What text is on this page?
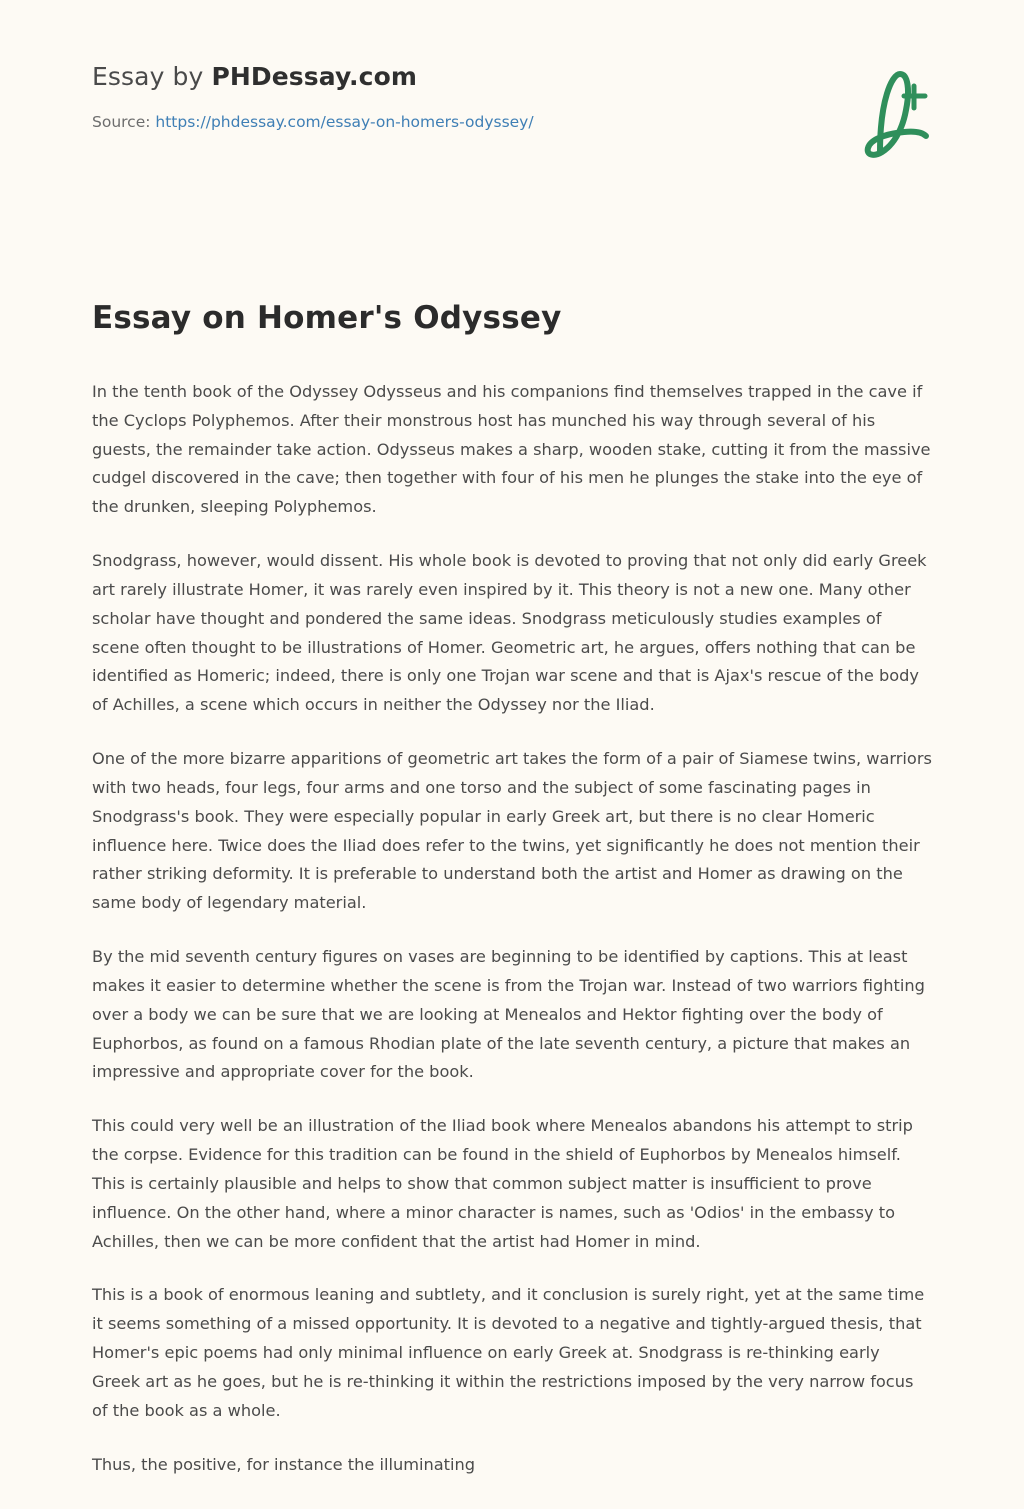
Essay by PHDessay.com
Source: https://phdessay.com/essay-on-homers-odyssey/
Essay on Homer's Odyssey

In the tenth book of the Odyssey Odysseus and his companions find themselves trapped in the cave if the Cyclops Polyphemos. After their monstrous host has munched his way through several of his guests, the remainder take action. Odysseus makes a sharp, wooden stake, cutting it from the massive cudgel discovered in the cave; then together with four of his men he plunges the stake into the eye of the drunken, sleeping Polyphemos.

Snodgrass, however, would dissent. His whole book is devoted to proving that not only did early Greek art rarely illustrate Homer, it was rarely even inspired by it. This theory is not a new one. Many other scholar have thought and pondered the same ideas. Snodgrass meticulously studies examples of scene often thought to be illustrations of Homer. Geometric art, he argues, offers nothing that can be identified as Homeric; indeed, there is only one Trojan war scene and that is Ajax's rescue of the body of Achilles, a scene which occurs in neither the Odyssey nor the Iliad.

One of the more bizarre apparitions of geometric art takes the form of a pair of Siamese twins, warriors with two heads, four legs, four arms and one torso and the subject of some fascinating pages in Snodgrass's book. They were especially popular in early Greek art, but there is no clear Homeric influence here. Twice does the Iliad does refer to the twins, yet significantly he does not mention their rather striking deformity. It is preferable to understand both the artist and Homer as drawing on the same body of legendary material.

By the mid seventh century figures on vases are beginning to be identified by captions. This at least makes it easier to determine whether the scene is from the Trojan war. Instead of two warriors fighting over a body we can be sure that we are looking at Menealos and Hektor fighting over the body of Euphorbos, as found on a famous Rhodian plate of the late seventh century, a picture that makes an impressive and appropriate cover for the book.

This could very well be an illustration of the Iliad book where Menealos abandons his attempt to strip the corpse. Evidence for this tradition can be found in the shield of Euphorbos by Menealos himself. This is certainly plausible and helps to show that common subject matter is insufficient to prove influence. On the other hand, where a minor character is names, such as 'Odios' in the embassy to Achilles, then we can be more confident that the artist had Homer in mind.

This is a book of enormous leaning and subtlety, and it conclusion is surely right, yet at the same time it seems something of a missed opportunity. It is devoted to a negative and tightly-argued thesis, that Homer's epic poems had only minimal influence on early Greek at. Snodgrass is re-thinking early Greek art as he goes, but he is re-thinking it within the restrictions imposed by the very narrow focus of the book as a whole.

Thus, the positive, for instance the illuminating
